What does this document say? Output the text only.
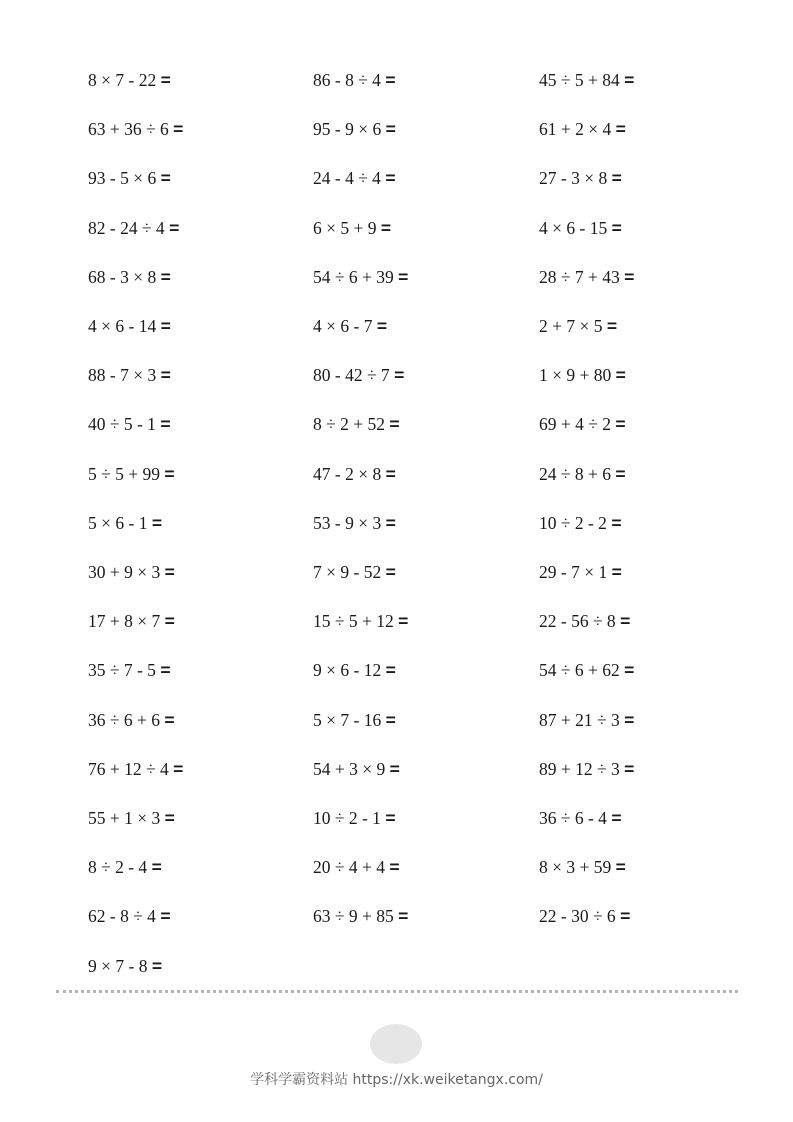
8 × 7 - 22 =	86 - 8 ÷ 4 =	45 ÷ 5 + 84 =
63 + 36 ÷ 6 =	95 - 9 × 6 =	61 + 2 × 4 =
93 - 5 × 6 =	24 - 4 ÷ 4 =	27 - 3 × 8 =
82 - 24 ÷ 4 =	6 × 5 + 9 =	4 × 6 - 15 =
68 - 3 × 8 =	54 ÷ 6 + 39 =	28 ÷ 7 + 43 =
4 × 6 - 14 =	4 × 6 - 7 =	2 + 7 × 5 =
88 - 7 × 3 =	80 - 42 ÷ 7 =	1 × 9 + 80 =
40 ÷ 5 - 1 =	8 ÷ 2 + 52 =	69 + 4 ÷ 2 =
5 ÷ 5 + 99 =	47 - 2 × 8 =	24 ÷ 8 + 6 =
5 × 6 - 1 =	53 - 9 × 3 =	10 ÷ 2 - 2 =
30 + 9 × 3 =	7 × 9 - 52 =	29 - 7 × 1 =
17 + 8 × 7 =	15 ÷ 5 + 12 =	22 - 56 ÷ 8 =
35 ÷ 7 - 5 =	9 × 6 - 12 =	54 ÷ 6 + 62 =
36 ÷ 6 + 6 =	5 × 7 - 16 =	87 + 21 ÷ 3 =
76 + 12 ÷ 4 =	54 + 3 × 9 =	89 + 12 ÷ 3 =
55 + 1 × 3 =	10 ÷ 2 - 1 =	36 ÷ 6 - 4 =
8 ÷ 2 - 4 =	20 ÷ 4 + 4 =	8 × 3 + 59 =
62 - 8 ÷ 4 =	63 ÷ 9 + 85 =	22 - 30 ÷ 6 =
9 × 7 - 8 =
学科学霸资料站 https://xk.weiketangx.com/
